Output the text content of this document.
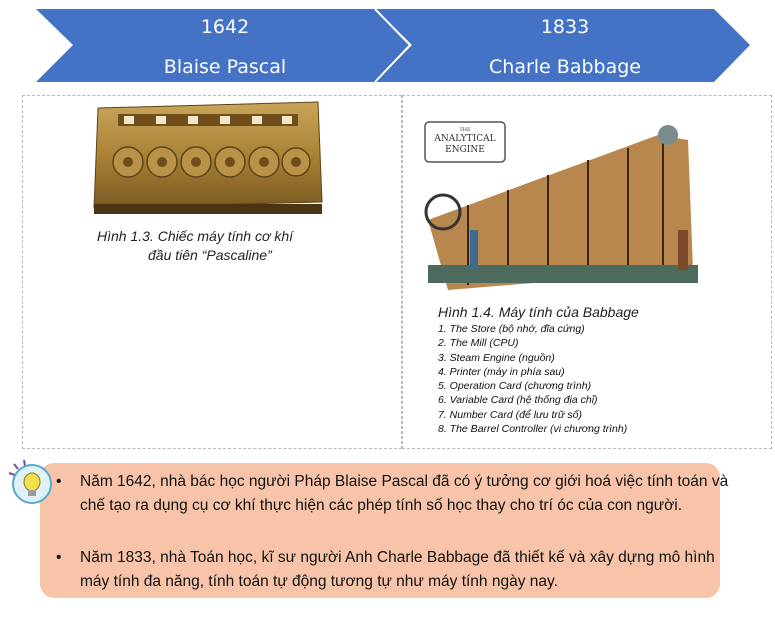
1642
Blaise Pascal
1833
Charle Babbage
Hình 1.3. Chiếc máy tính cơ khí
đầu tiên “Pascaline”
THE
ANALYTICAL
ENGINE
Hình 1.4. Máy tính của Babbage
1. The Store (bộ nhớ, đĩa cứng)
2. The Mill (CPU)
3. Steam Engine (nguồn)
4. Printer (máy in phía sau)
5. Operation Card (chương trình)
6. Variable Card (hệ thống địa chỉ)
7. Number Card (để lưu trữ số)
8. The Barrel Controller (vi chương trình)
• Năm 1642, nhà bác học người Pháp Blaise Pascal đã có ý tưởng cơ giới hoá việc tính toán và chế tạo ra dụng cụ cơ khí thực hiện các phép tính số học thay cho trí óc của con người.
• Năm 1833, nhà Toán học, kĩ sư người Anh Charle Babbage đã thiết kế và xây dựng mô hình máy tính đa năng, tính toán tự động tương tự như máy tính ngày nay.
